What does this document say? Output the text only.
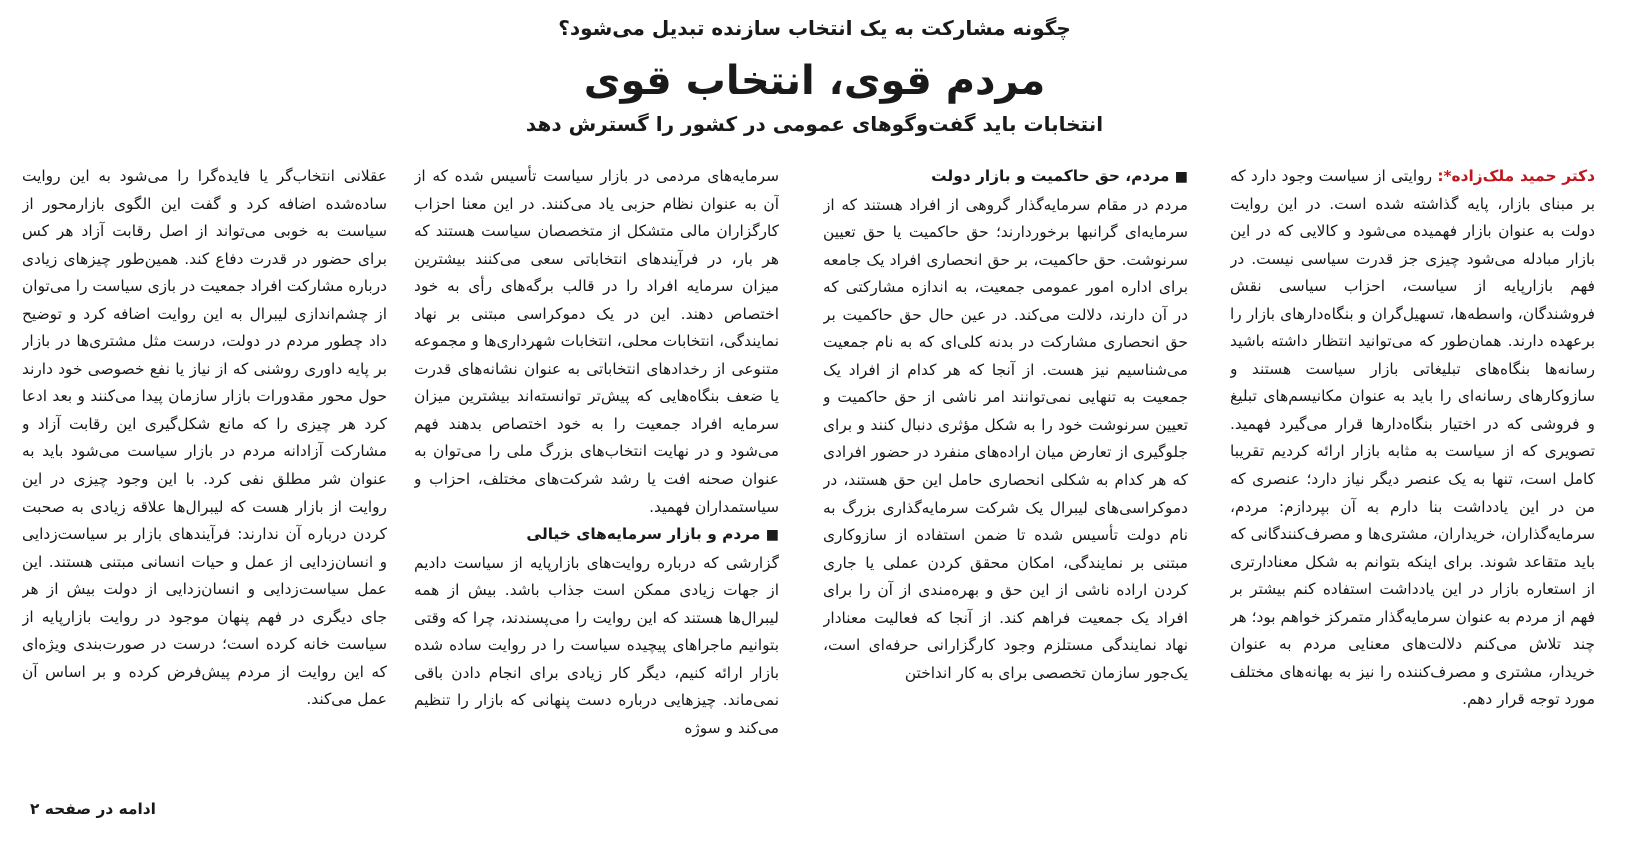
چگونه مشارکت به یک انتخاب سازنده تبدیل می‌شود؟
مردم قوی، انتخاب قوی
انتخابات باید گفت‌وگوهای عمومی در کشور را گسترش دهد

دکتر حمید ملک‌زاده*: روایتی از سیاست وجود دارد که بر مبنای بازار، پایه گذاشته شده است. در این روایت دولت به عنوان بازار فهمیده می‌شود و کالایی که در این بازار مبادله می‌شود چیزی جز قدرت سیاسی نیست. در فهم بازارپایه از سیاست، احزاب سیاسی نقش فروشندگان، واسطه‌ها، تسهیل‌گران و بنگاه‌دارهای بازار را برعهده دارند. همان‌طور که می‌توانید انتظار داشته باشید رسانه‌ها بنگاه‌های تبلیغاتی بازار سیاست هستند و سازوکارهای رسانه‌ای را باید به عنوان مکانیسم‌های تبلیغ و فروشی که در اختیار بنگاه‌دارها قرار می‌گیرد فهمید. تصویری که از سیاست به مثابه بازار ارائه کردیم تقریبا کامل است، تنها به یک عنصر دیگر نیاز دارد؛ عنصری که من در این یادداشت بنا دارم به آن بپردازم: مردم، سرمایه‌گذاران، خریداران، مشتری‌ها و مصرف‌کنندگانی که باید متقاعد شوند. برای اینکه بتوانم به شکل معنادارتری از استعاره بازار در این یادداشت استفاده کنم بیشتر بر فهم از مردم به عنوان سرمایه‌گذار متمرکز خواهم بود؛ هر چند تلاش می‌کنم دلالت‌های معنایی مردم به عنوان خریدار، مشتری و مصرف‌کننده را نیز به بهانه‌های مختلف مورد توجه قرار دهم.

■ مردم، حق حاکمیت و بازار دولت

مردم در مقام سرمایه‌گذار گروهی از افراد هستند که از سرمایه‌ای گرانبها برخوردارند؛ حق حاکمیت یا حق تعیین سرنوشت. حق حاکمیت، بر حق انحصاری افراد یک جامعه برای اداره امور عمومی جمعیت، به اندازه مشارکتی که در آن دارند، دلالت می‌کند. در عین حال حق حاکمیت بر حق انحصاری مشارکت در بدنه کلی‌ای که به نام جمعیت می‌شناسیم نیز هست. از آنجا که هر کدام از افراد یک جمعیت به تنهایی نمی‌توانند امر ناشی از حق حاکمیت و تعیین سرنوشت خود را به شکل مؤثری دنبال کنند و برای جلوگیری از تعارض میان اراده‌های منفرد در حضور افرادی که هر کدام به شکلی انحصاری حامل این حق هستند، در دموکراسی‌های لیبرال یک شرکت سرمایه‌گذاری بزرگ به نام دولت تأسیس شده تا ضمن استفاده از سازوکاری مبتنی بر نمایندگی، امکان محقق کردن عملی یا جاری کردن اراده ناشی از این حق و بهره‌مندی از آن را برای افراد یک جمعیت فراهم کند. از آنجا که فعالیت معنادار نهاد نمایندگی مستلزم وجود کارگزارانی حرفه‌ای است، یک‌جور سازمان تخصصی برای به کار انداختن

سرمایه‌های مردمی در بازار سیاست تأسیس شده که از آن به عنوان نظام حزبی یاد می‌کنند. در این معنا احزاب کارگزاران مالی متشکل از متخصصان سیاست هستند که هر بار، در فرآیندهای انتخاباتی سعی می‌کنند بیشترین میزان سرمایه افراد را در قالب برگه‌های رأی به خود اختصاص دهند. این در یک دموکراسی مبتنی بر نهاد نمایندگی، انتخابات محلی، انتخابات شهرداری‌ها و مجموعه متنوعی از رخدادهای انتخاباتی به عنوان نشانه‌های قدرت یا ضعف بنگاه‌هایی که پیش‌تر توانسته‌اند بیشترین میزان سرمایه افراد جمعیت را به خود اختصاص بدهند فهم می‌شود و در نهایت انتخاب‌های بزرگ ملی را می‌توان به عنوان صحنه افت یا رشد شرکت‌های مختلف، احزاب و سیاستمداران فهمید.

■ مردم و بازار سرمایه‌های خیالی

گزارشی که درباره روایت‌های بازارپایه از سیاست دادیم از جهات زیادی ممکن است جذاب باشد. بیش از همه لیبرال‌ها هستند که این روایت را می‌پسندند، چرا که وقتی بتوانیم ماجراهای پیچیده سیاست را در روایت ساده شده بازار ارائه کنیم، دیگر کار زیادی برای انجام دادن باقی نمی‌ماند. چیزهایی درباره دست پنهانی که بازار را تنظیم می‌کند و سوژه

عقلانی انتخاب‌گر یا فایده‌گرا را می‌شود به این روایت ساده‌شده اضافه کرد و گفت این الگوی بازارمحور از سیاست به خوبی می‌تواند از اصل رقابت آزاد هر کس برای حضور در قدرت دفاع کند. همین‌طور چیزهای زیادی درباره مشارکت افراد جمعیت در بازی سیاست را می‌توان از چشم‌اندازی لیبرال به این روایت اضافه کرد و توضیح داد چطور مردم در دولت، درست مثل مشتری‌ها در بازار بر پایه داوری روشنی که از نیاز یا نفع خصوصی خود دارند حول محور مقدورات بازار سازمان پیدا می‌کنند و بعد ادعا کرد هر چیزی را که مانع شکل‌گیری این رقابت آزاد و مشارکت آزادانه مردم در بازار سیاست می‌شود باید به عنوان شر مطلق نفی کرد. با این وجود چیزی در این روایت از بازار هست که لیبرال‌ها علاقه زیادی به صحبت کردن درباره آن ندارند: فرآیندهای بازار بر سیاست‌زدایی و انسان‌زدایی از عمل و حیات انسانی مبتنی هستند. این عمل سیاست‌زدایی و انسان‌زدایی از دولت بیش از هر جای دیگری در فهم پنهان موجود در روایت بازارپایه از سیاست خانه کرده است؛ درست در صورت‌بندی ویژه‌ای که این روایت از مردم پیش‌فرض کرده و بر اساس آن عمل می‌کند.

ادامه در صفحه ۲
